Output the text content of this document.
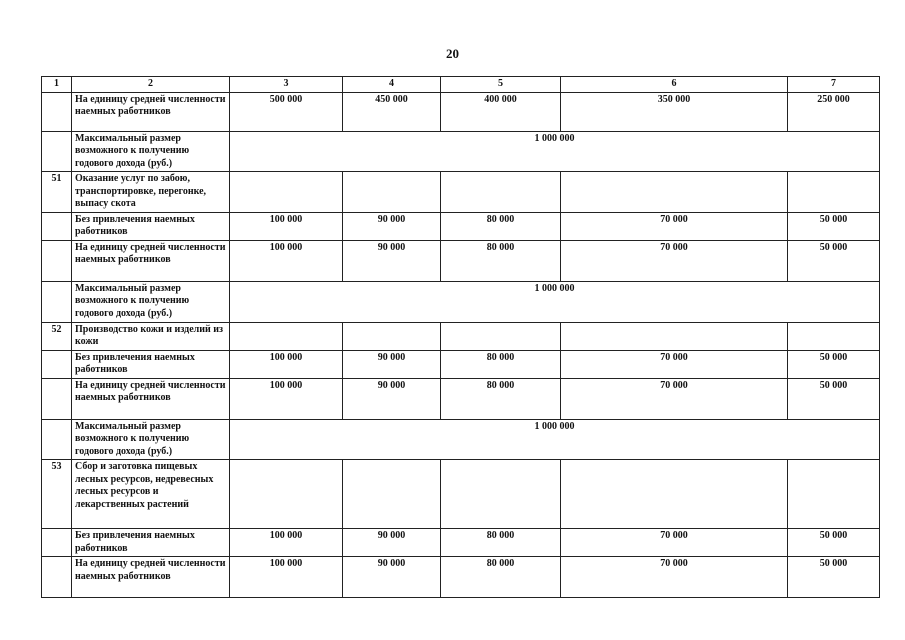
20
1	2	3	4	5	6	7
	На единицу средней численности наемных работников	500 000	450 000	400 000	350 000	250 000
	Максимальный размер возможного к получению годового дохода (руб.)	1 000 000				
51	Оказание услуг по забою, транспортировке, перегонке, выпасу скота					
	Без привлечения наемных работников	100 000	90 000	80 000	70 000	50 000
	На единицу средней численности наемных работников	100 000	90 000	80 000	70 000	50 000
	Максимальный размер возможного к получению годового дохода (руб.)	1 000 000				
52	Производство кожи и изделий из кожи					
	Без привлечения наемных работников	100 000	90 000	80 000	70 000	50 000
	На единицу средней численности наемных работников	100 000	90 000	80 000	70 000	50 000
	Максимальный размер возможного к получению годового дохода (руб.)	1 000 000				
53	Сбор и заготовка пищевых лесных ресурсов, недревесных лесных ресурсов и лекарственных растений					
	Без привлечения наемных работников	100 000	90 000	80 000	70 000	50 000
	На единицу средней численности наемных работников	100 000	90 000	80 000	70 000	50 000
